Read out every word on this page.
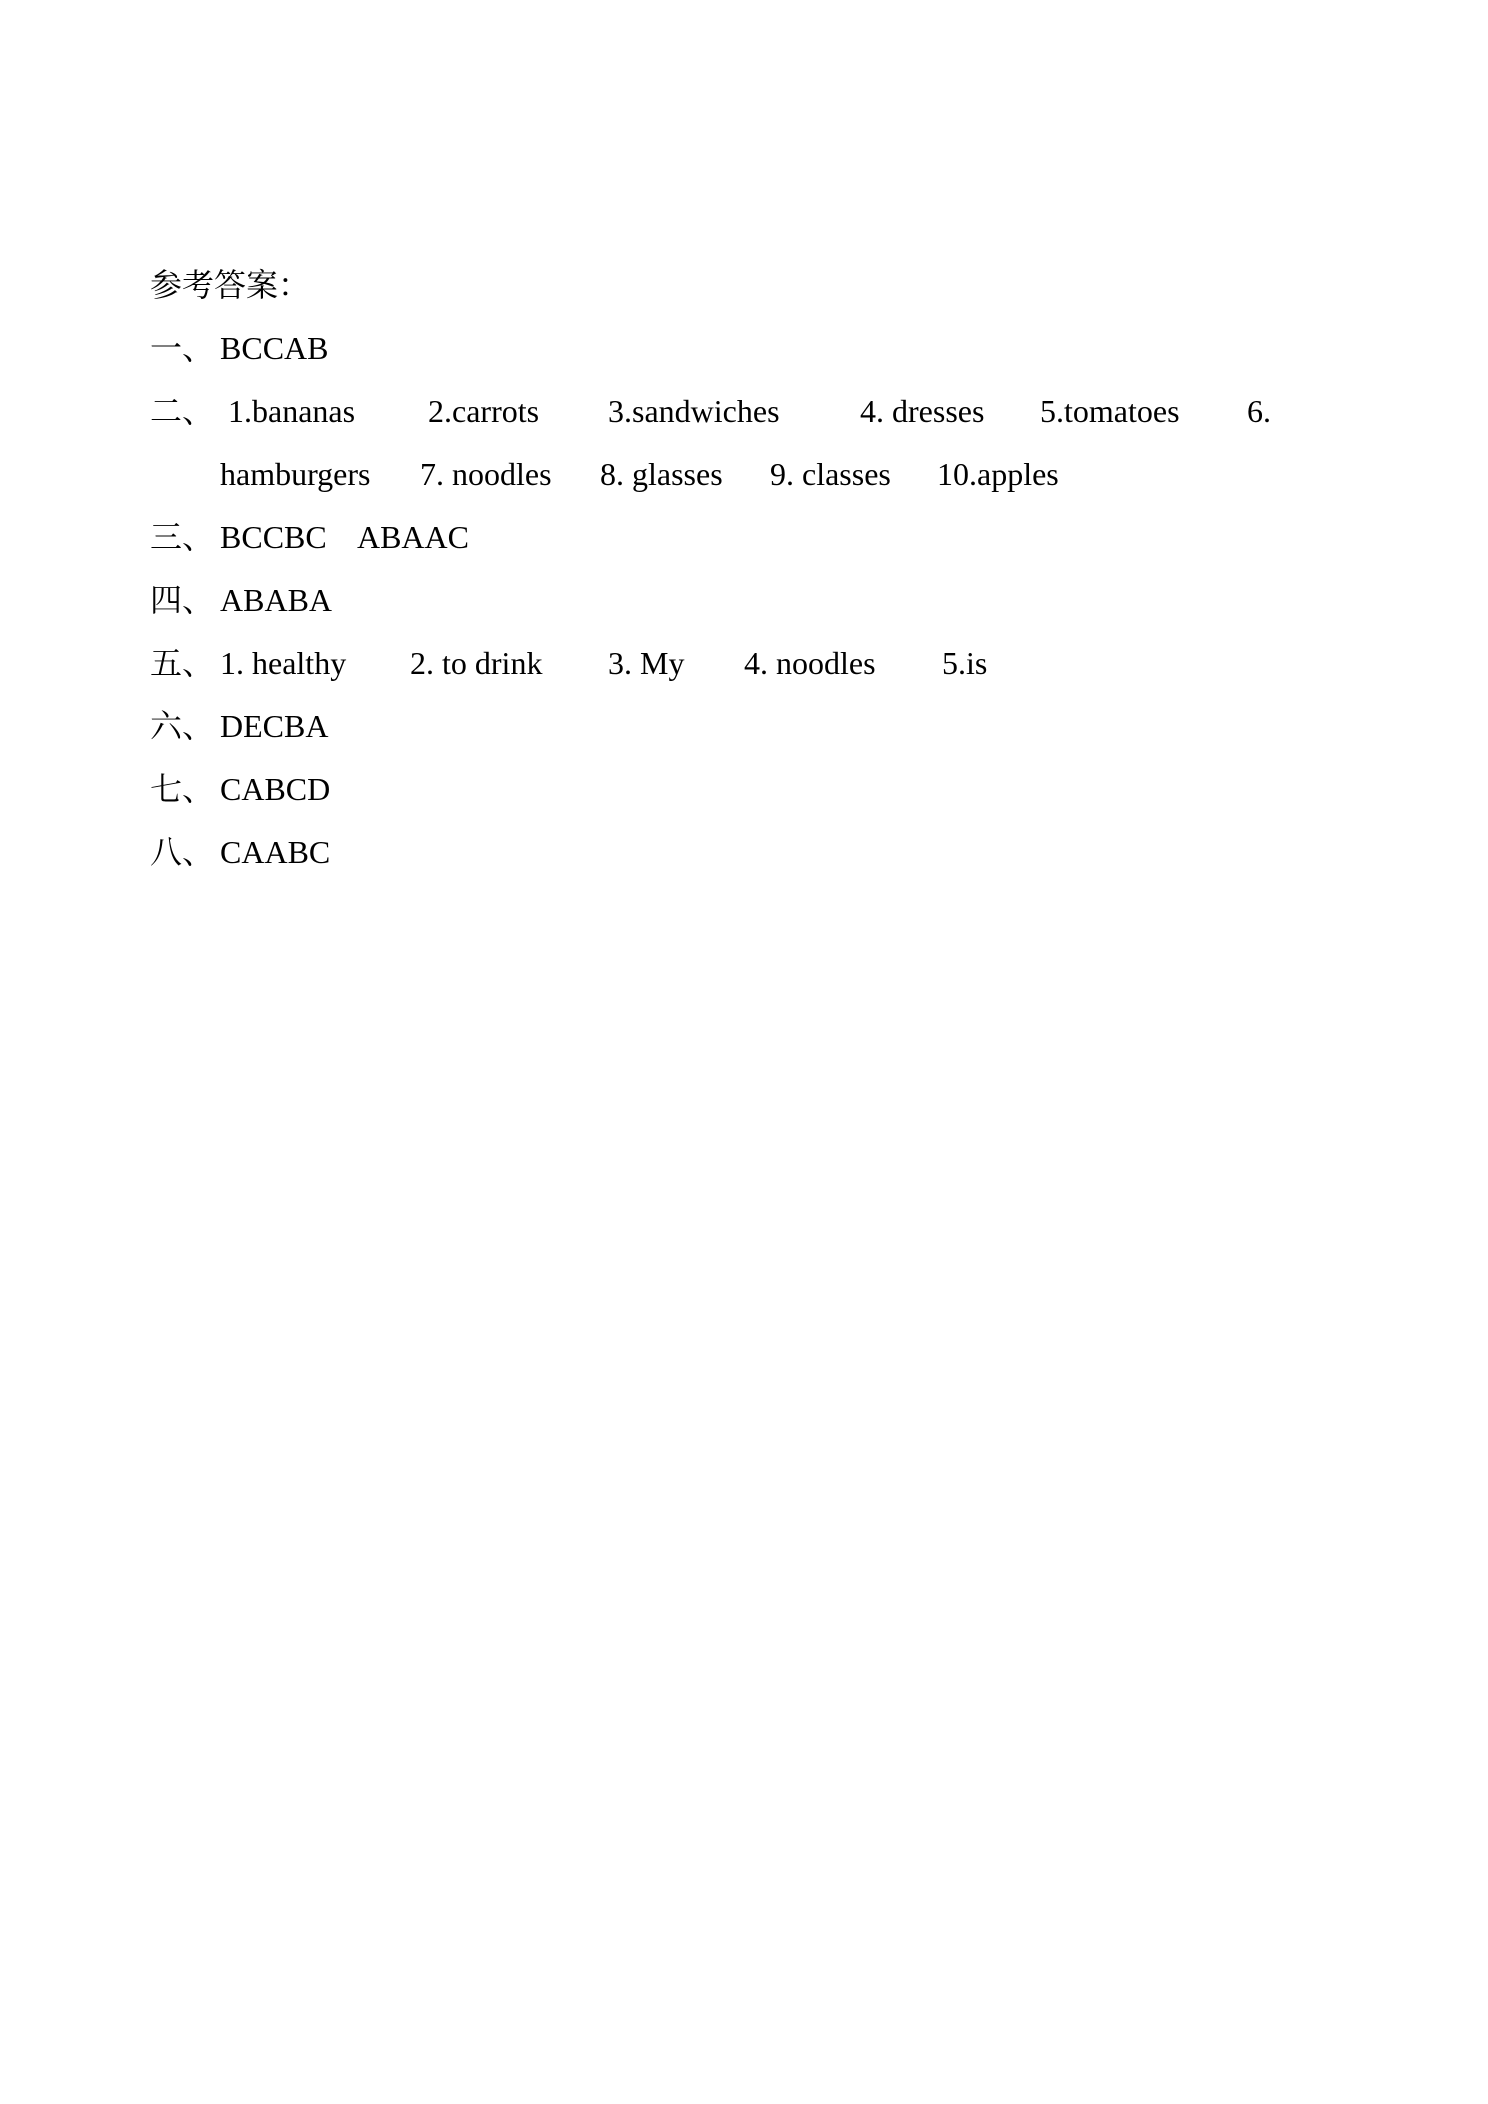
参考答案：
一、 BCCAB
二、 1.bananas 2.carrots 3.sandwiches	4. dresses 5.tomatoes 6.
hamburgers 7. noodles 8. glasses 9. classes 10.apples
三、 BCCBC    ABAAC
四、 ABABA
五、 1. healthy 2. to drink 3. My 4. noodles 5.is
六、 DECBA
七、 CABCD
八、 CAABC
